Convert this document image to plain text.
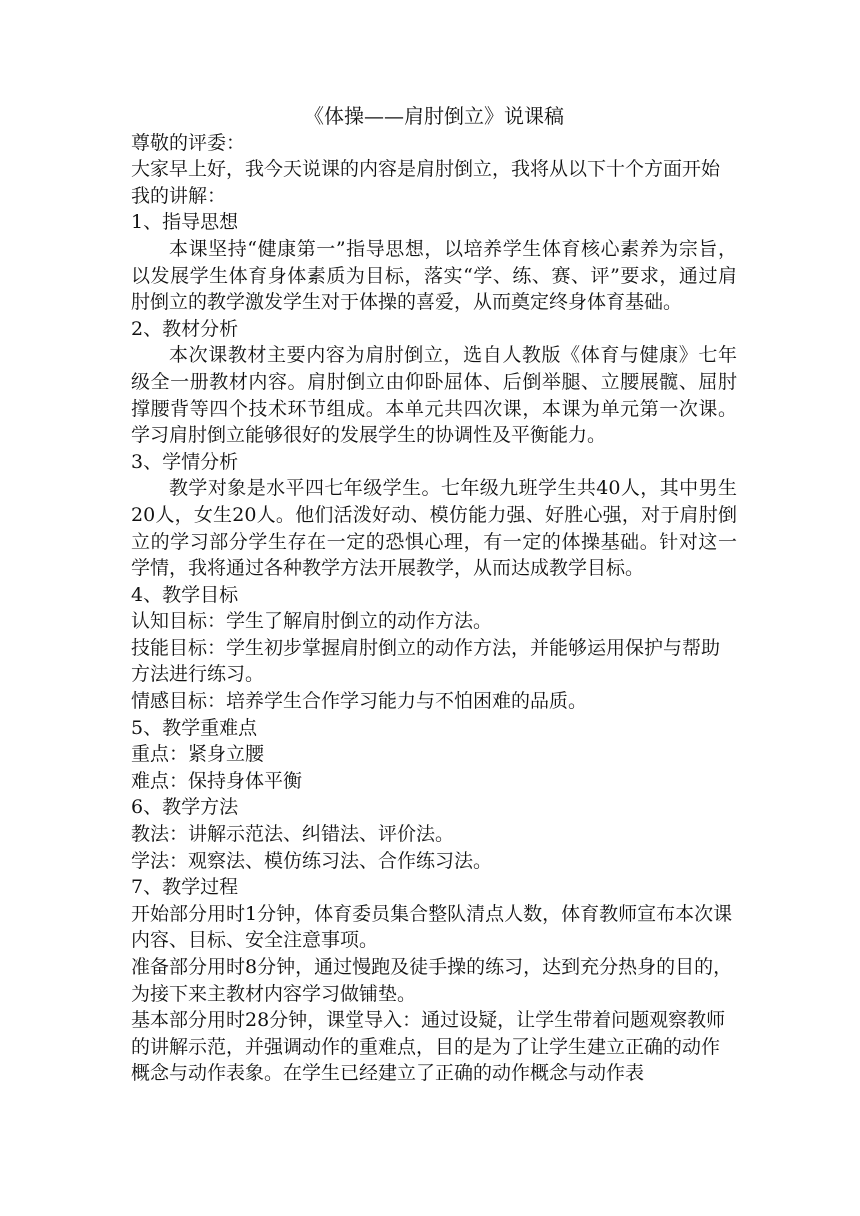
《体操——肩肘倒立》说课稿

尊敬的评委：

大家早上好，我今天说课的内容是肩肘倒立，我将从以下十个方面开始我的讲解：

1、指导思想

本课坚持“健康第一”指导思想，以培养学生体育核心素养为宗旨，以发展学生体育身体素质为目标，落实“学、练、赛、评”要求，通过肩肘倒立的教学激发学生对于体操的喜爱，从而奠定终身体育基础。

2、教材分析

本次课教材主要内容为肩肘倒立，选自人教版《体育与健康》七年级全一册教材内容。肩肘倒立由仰卧屈体、后倒举腿、立腰展髋、屈肘撑腰背等四个技术环节组成。本单元共四次课，本课为单元第一次课。学习肩肘倒立能够很好的发展学生的协调性及平衡能力。

3、学情分析

教学对象是水平四七年级学生。七年级九班学生共40人，其中男生20人，女生20人。他们活泼好动、模仿能力强、好胜心强，对于肩肘倒立的学习部分学生存在一定的恐惧心理，有一定的体操基础。针对这一学情，我将通过各种教学方法开展教学，从而达成教学目标。

4、教学目标

认知目标：学生了解肩肘倒立的动作方法。

技能目标：学生初步掌握肩肘倒立的动作方法，并能够运用保护与帮助方法进行练习。

情感目标：培养学生合作学习能力与不怕困难的品质。

5、教学重难点

重点：紧身立腰

难点：保持身体平衡

6、教学方法

教法：讲解示范法、纠错法、评价法。

学法：观察法、模仿练习法、合作练习法。

7、教学过程

开始部分用时1分钟，体育委员集合整队清点人数，体育教师宣布本次课内容、目标、安全注意事项。

准备部分用时8分钟，通过慢跑及徒手操的练习，达到充分热身的目的，为接下来主教材内容学习做铺垫。

基本部分用时28分钟，课堂导入：通过设疑，让学生带着问题观察教师的讲解示范，并强调动作的重难点，目的是为了让学生建立正确的动作概念与动作表象。在学生已经建立了正确的动作概念与动作表
